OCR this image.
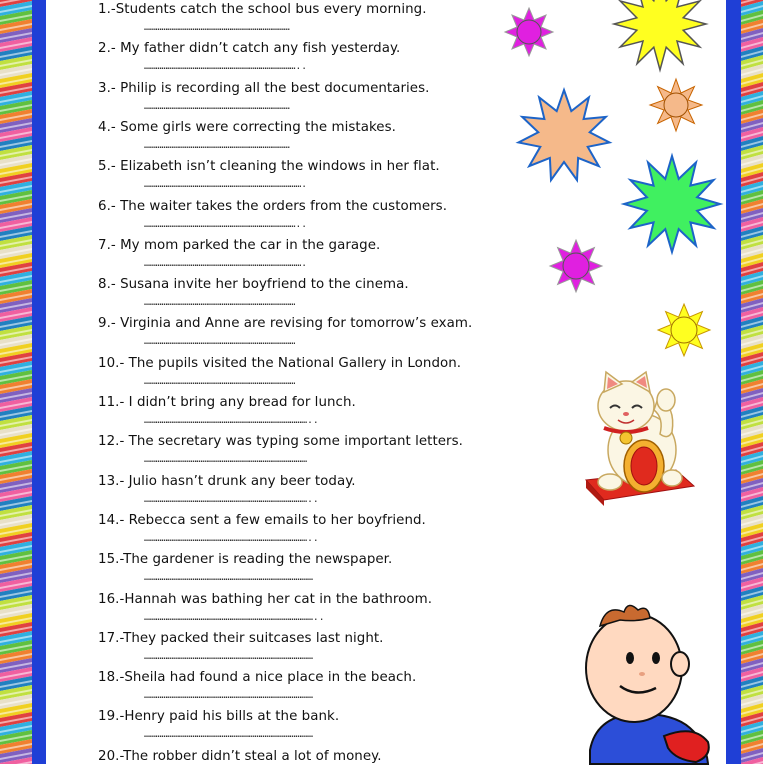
1.-Students catch the school bus every morning.
…………………………………………………………………
2.- My father didn’t catch any fish yesterday.
……………………………………………………………………..
3.- Philip is recording all the best documentaries.
…………………………………………………………………
4.- Some girls were correcting the mistakes.
…………………………………………………………………
5.- Elizabeth isn’t cleaning the windows in her flat.
……………………………………………………………………….
6.- The waiter takes the orders from the customers.
……………………………………………………………………..
7.- My mom parked the car in the garage.
……………………………………………………………………….
8.- Susana invite her boyfriend to the cinema.
……………………………………………………………………
9.- Virginia and Anne are revising for tomorrow’s exam.
……………………………………………………………………
10.- The pupils visited the National Gallery in London.
……………………………………………………………………
11.- I didn’t bring any bread for lunch.
…………………………………………………………………………..
12.- The secretary was typing some important letters.
…………………………………………………………………………
13.- Julio hasn’t drunk any beer today.
…………………………………………………………………………..
14.- Rebecca sent a few emails to her boyfriend.
…………………………………………………………………………..
15.-The gardener is reading the newspaper.
……………………………………………………………………………
16.-Hannah was bathing her cat in the bathroom.
……………………………………………………………………………..
17.-They packed their suitcases last night.
……………………………………………………………………………
18.-Sheila had found a nice place in the beach.
……………………………………………………………………………
19.-Henry paid his bills at the bank.
……………………………………………………………………………
20.-The robber didn’t steal a lot of money.
